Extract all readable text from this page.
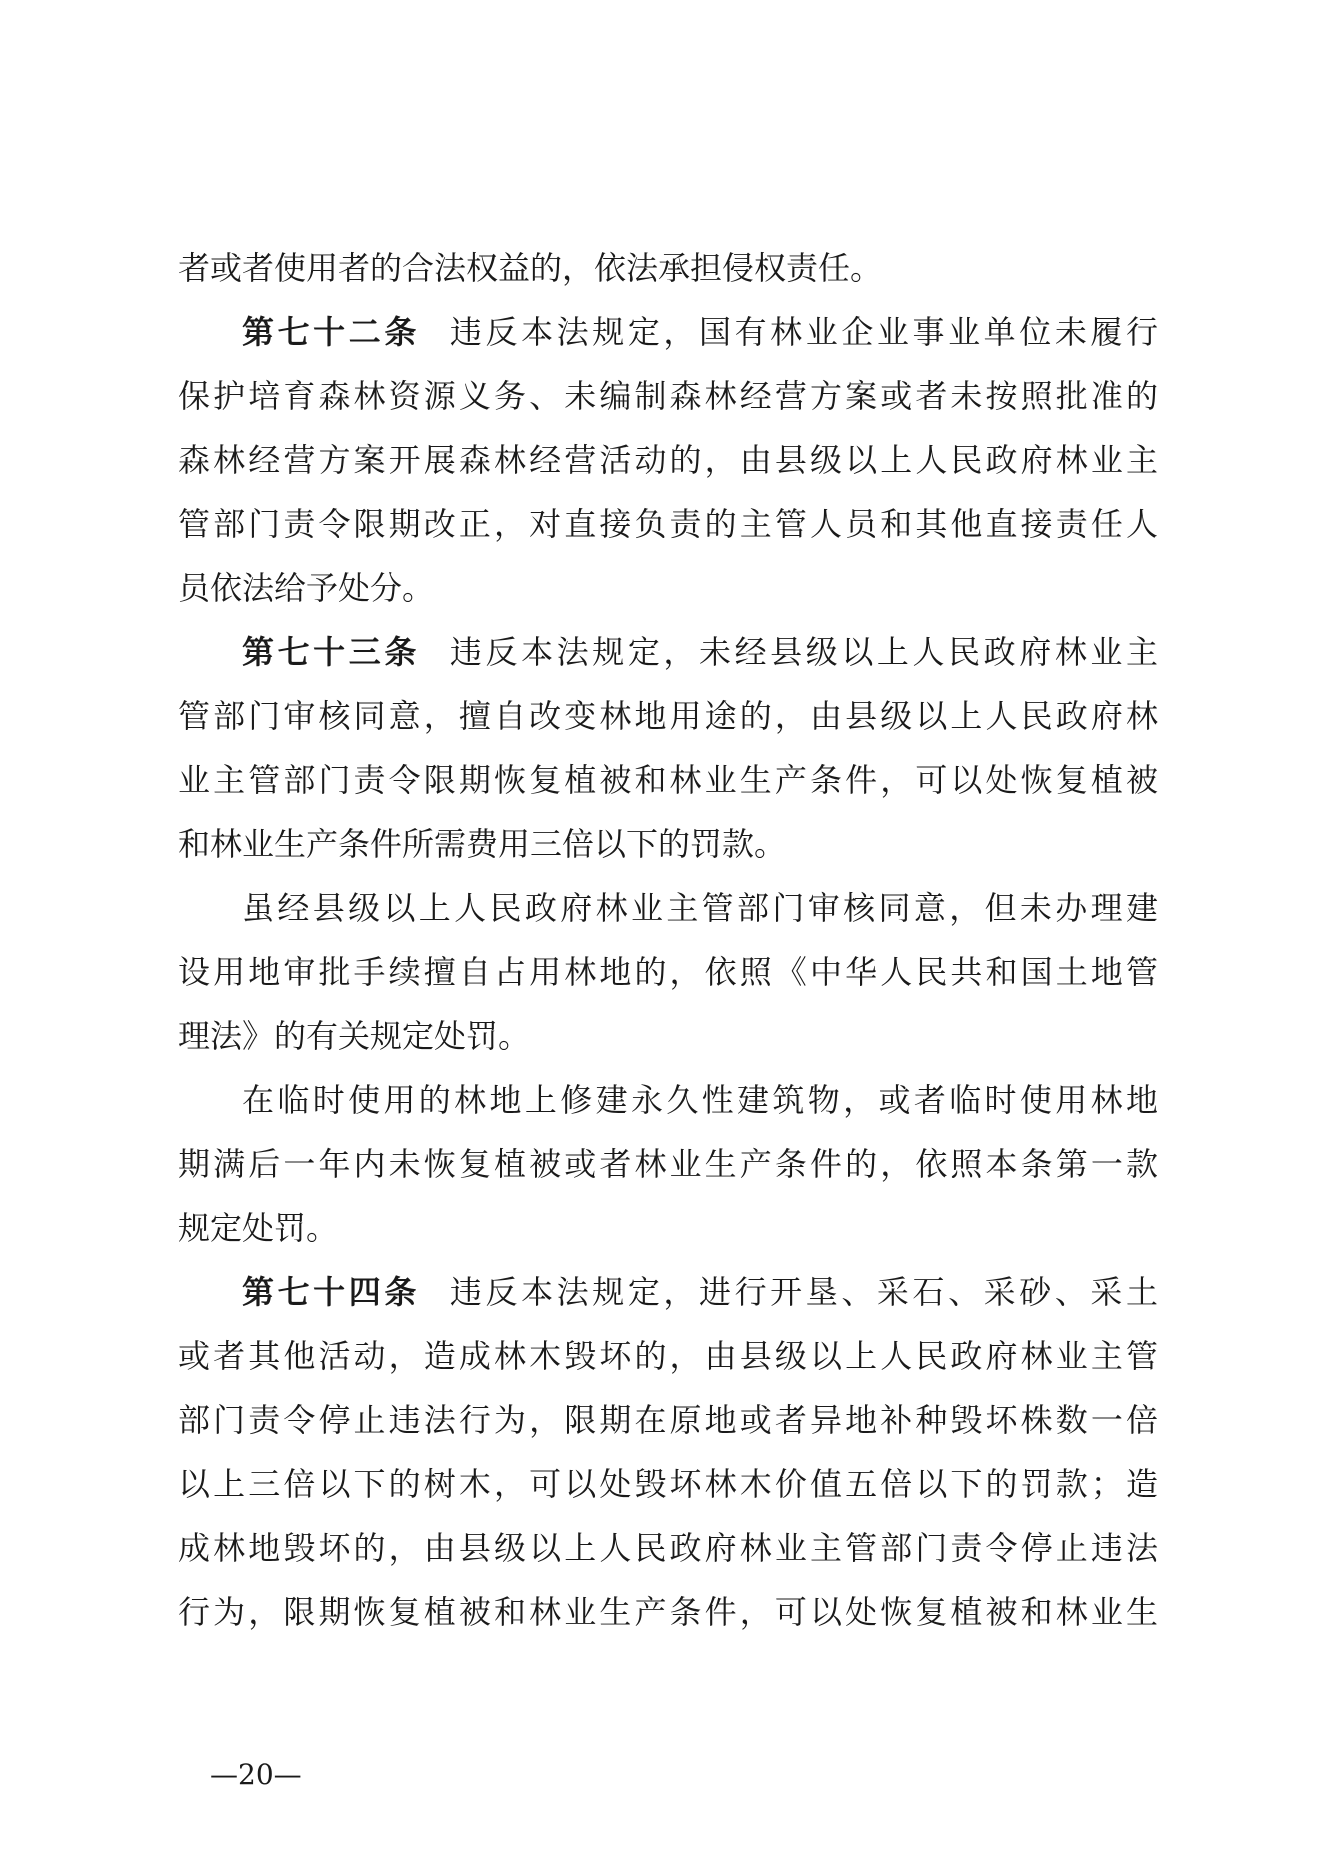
者或者使用者的合法权益的，依法承担侵权责任。
第七十二条 违反本法规定，国有林业企业事业单位未履行
保护培育森林资源义务、未编制森林经营方案或者未按照批准的
森林经营方案开展森林经营活动的，由县级以上人民政府林业主
管部门责令限期改正，对直接负责的主管人员和其他直接责任人
员依法给予处分。
第七十三条 违反本法规定，未经县级以上人民政府林业主
管部门审核同意，擅自改变林地用途的，由县级以上人民政府林
业主管部门责令限期恢复植被和林业生产条件，可以处恢复植被
和林业生产条件所需费用三倍以下的罚款。
虽经县级以上人民政府林业主管部门审核同意，但未办理建
设用地审批手续擅自占用林地的，依照《中华人民共和国土地管
理法》的有关规定处罚。
在临时使用的林地上修建永久性建筑物，或者临时使用林地
期满后一年内未恢复植被或者林业生产条件的，依照本条第一款
规定处罚。
第七十四条 违反本法规定，进行开垦、采石、采砂、采土
或者其他活动，造成林木毁坏的，由县级以上人民政府林业主管
部门责令停止违法行为，限期在原地或者异地补种毁坏株数一倍
以上三倍以下的树木，可以处毁坏林木价值五倍以下的罚款；造
成林地毁坏的，由县级以上人民政府林业主管部门责令停止违法
行为，限期恢复植被和林业生产条件，可以处恢复植被和林业生
—20—
